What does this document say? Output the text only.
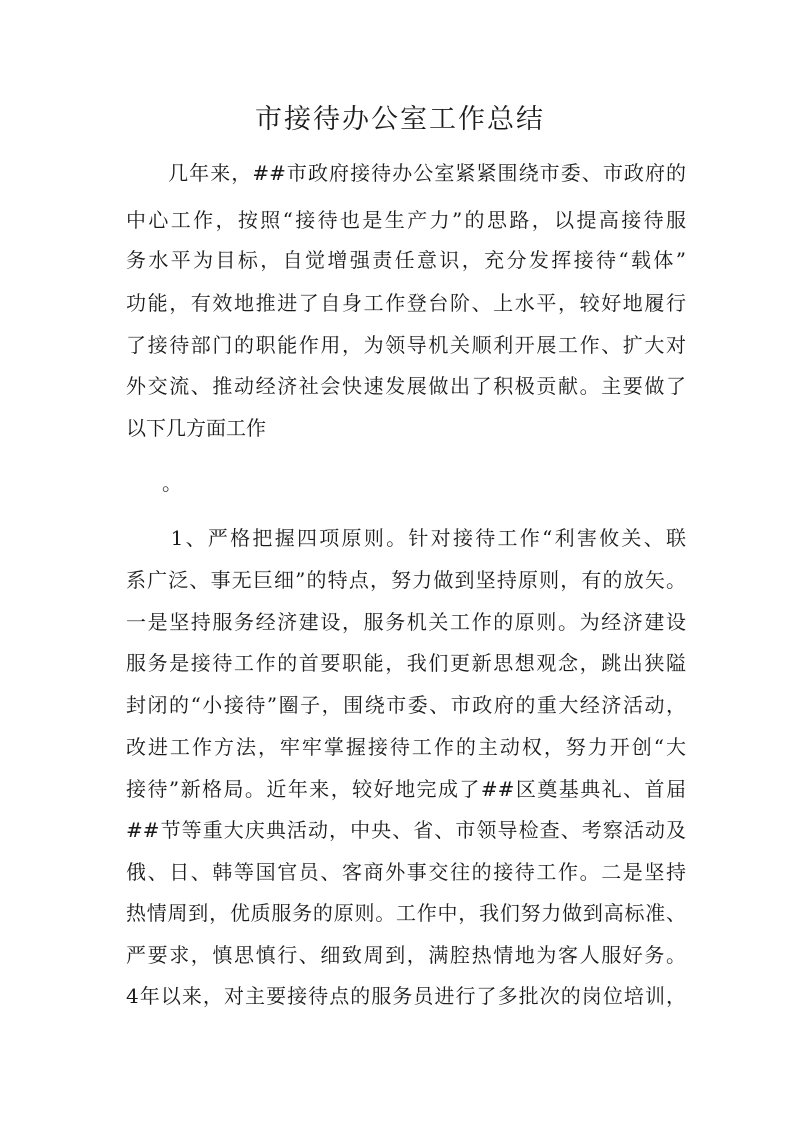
市接待办公室工作总结

　　几年来，##市政府接待办公室紧紧围绕市委、市政府的

中心工作，按照“接待也是生产力”的思路，以提高接待服

务水平为目标，自觉增强责任意识，充分发挥接待“载体”

功能，有效地推进了自身工作登台阶、上水平，较好地履行

了接待部门的职能作用，为领导机关顺利开展工作、扩大对

外交流、推动经济社会快速发展做出了积极贡献。主要做了

以下几方面工作

。

　　1、严格把握四项原则。针对接待工作“利害攸关、联

系广泛、事无巨细”的特点，努力做到坚持原则，有的放矢。

一是坚持服务经济建设，服务机关工作的原则。为经济建设

服务是接待工作的首要职能，我们更新思想观念，跳出狭隘

封闭的“小接待”圈子，围绕市委、市政府的重大经济活动，

改进工作方法，牢牢掌握接待工作的主动权，努力开创“大

接待”新格局。近年来，较好地完成了##区奠基典礼、首届

##节等重大庆典活动，中央、省、市领导检查、考察活动及

俄、日、韩等国官员、客商外事交往的接待工作。二是坚持

热情周到，优质服务的原则。工作中，我们努力做到高标准、

严要求，慎思慎行、细致周到，满腔热情地为客人服好务。

4年以来，对主要接待点的服务员进行了多批次的岗位培训，
